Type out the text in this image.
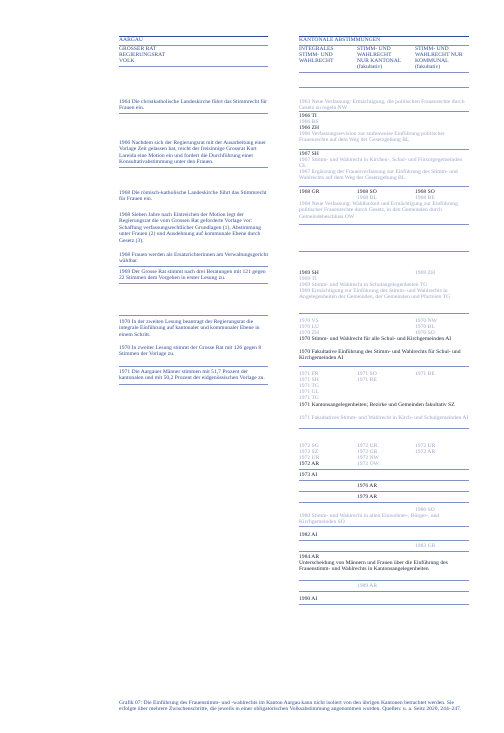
AARGAU
GROSSER RAT
REGIERUNGSRAT
VOLK

1964 Die christkatholische Landeskirche führt das Stimmrecht für Frauen ein.

1966 Nachdem sich der Regierungsrat mit der Ausarbeitung einer Vorlage Zeit gelassen hat, reicht der freisinnige Grossrat Kurt Lareida eine Motion ein und fordert die Durchführung einer Konsultativabstimmung unter den Frauen.

1968 Die römisch-katholische Landeskirche führt das Stimmrecht für Frauen ein.

1968 Sieben Jahre nach Eintreichen der Motion legt der Regierungsrat die vom Grossen Rat geforderte Vorlage vor: Schaffung verfassungsrechtlicher Grundlagen (1), Abstimmung unter Frauen (2) und Ausdehnung auf kommunale Ebene durch Gesetz (3).

1968 Frauen werden als Ersatzrichterinnen am Verwaltungsgericht wählbar.

1969 Der Grosse Rat stimmt nach drei Beratungen mit 121 gegen 22 Stimmen dem Vorgehen in erster Lesung zu.

1970 In der zweiten Lesung beantragt der Regierungsrat die integrale Einführung auf kantonaler und kommunaler Ebene in einem Schritt.

1970 In zweiter Lesung stimmt der Grosse Rat mit 126 gegen 8 Stimmen der Vorlage zu.

1971 Die Aargauer Männer stimmen mit 51,7 Prozent der kantonalen und mit 50,2 Prozent der eidgenössischen Vorlage zu.

KANTONALE ABSTIMMUNGEN
INTEGRALES
STIMM- UND
WAHLRECHT
STIMM- UND
WAHLRECHT
NUR KANTONAL
(fakultativ)
STIMM- UND
WAHLRECHT NUR
KOMMUNAL
(fakultativ)

1963 Neue Verfassung: Ermächtigung, die politischen Frauenrechte durch Gesetz zu regeln NW

1966 TI
1966 BS
1966 ZH

1966 Verfassungsrevision zur stufenweise Einführung politischer Frauenrechte auf dem Weg der Gesetzgebung BL

1967 SH

1967 Stimm- und Wahlrecht in Kirchen-, Schul- und Fürsorgegemeinden GL

1967 Ergänzung der Frauenverfassung zur Einführung des Stimm- und Wahlrechts auf dem Weg der Gesetzgebung BL

1968 GR	1968 SO
1968 BL
1968 SO
1968 BE

1968 Neue Verfassung: Wahlbarkeit und Ermächtigung zur Einführung politischer Frauenrechte durch Gesetz, in den Gemeinden durch Gemeindebeschluss OW

1969 SH	1969 ZH
1969 TI

1969 Stimm- und Wahlrecht in Schulangelegenheiten TG

1969 Ermächtigung zur Einführung des Stimm- und Wahlrechts in Angelegenheiten der Gemeinden, der Gemeinden und Pfarreien TG

1970 VS
1970 LU
1970 ZH
1970 NW
1970 BL
1970 SO

1970 Stimm- und Wahlrecht für alle Schul- und Kirchgemeinden AI

1970 Fakultative Einführung des Stimm- und Wahlrechts für Schul- und Kirchgemeinden AI

1971 FR
1971 SH
1971 TG
1971 GL
1971 TG
1971 SO
1971 BE
1971 BE

1971 Kantonsangelegenheiten; Bezirke und Gemeinden fakultativ SZ

1971 Fakultatives Stimm- und Wahlrecht in Kirch- und Schulgemeinden AI

1972 SG
1972 SZ
1972 UR
1972 AR
1972 UR
1972 GR
1972 NW
1972 OW
1972 UR
1972 AR
1973 AI
1976 AR
1979 AR
1980 SO

1980 Stimm- und Wahlrecht in allen Einwohner-, Bürger-, und Kirchgemeinden SO

1982 AI
1983 GR
1984 AR

Unterscheidung von Männern und Frauen über die Einführung des Frauenstimm- und Wahlrechts in Kantonsangelegenheiten

1989 AR
1990 AI

Grafik 07: Die Einführung des Frauenstimm- und -wahlrechts im Kanton Aargau kann nicht isoliert von den übrigen Kantonen betrachtet werden. Sie erfolgte über mehrere Zwischenschritte, die jeweils in einer obligatorischen Volksabstimmung angenommen wurden. Quellen: u. a. Seitz 2020, 244–247.
